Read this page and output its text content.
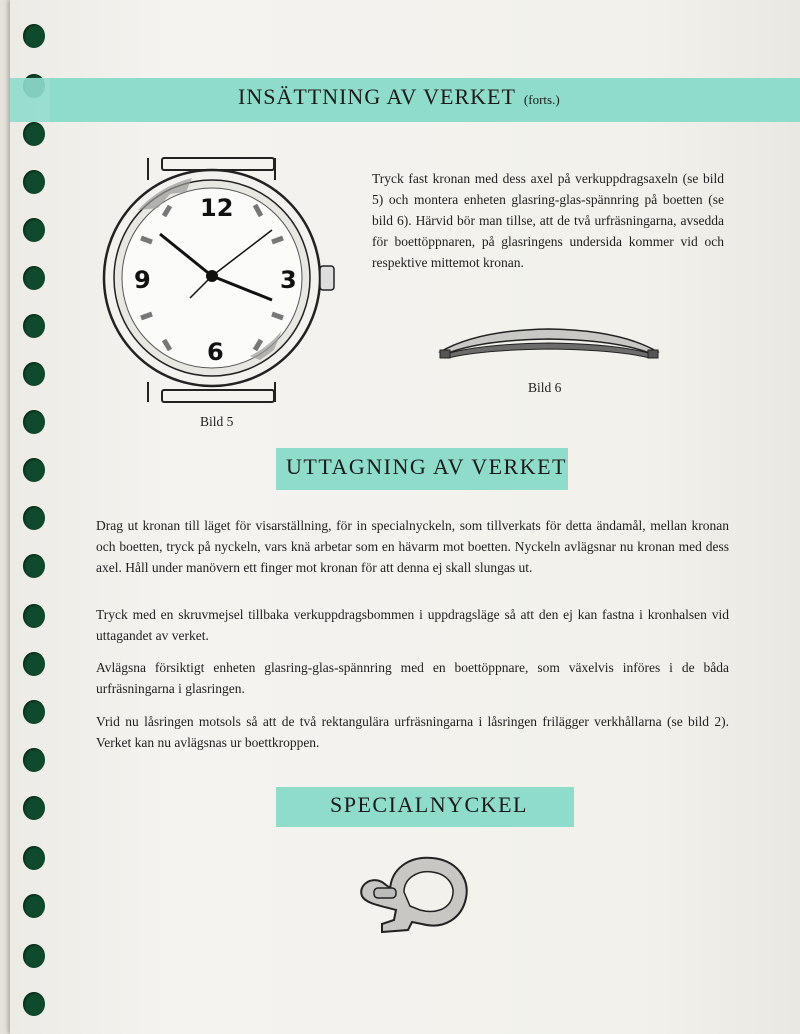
INSÄTTNING AV VERKET (forts.)
12
3
6
9
Bild 5

Tryck fast kronan med dess axel på verkuppdragsaxeln (se bild 5) och montera enheten glasring-glas-spännring på boetten (se bild 6). Härvid bör man tillse, att de två urfräsningarna, avsedda för boettöppnaren, på glasringens undersida kommer vid och respektive mittemot kronan.

Bild 6
UTTAGNING AV VERKET

Drag ut kronan till läget för visarställning, för in specialnyckeln, som tillverkats för detta ändamål, mellan kronan och boetten, tryck på nyckeln, vars knä arbetar som en hävarm mot boetten. Nyckeln avlägsnar nu kronan med dess axel. Håll under manövern ett finger mot kronan för att denna ej skall slungas ut.

Tryck med en skruvmejsel tillbaka verkuppdragsbommen i uppdragsläge så att den ej kan fastna i kronhalsen vid uttagandet av verket.

Avlägsna försiktigt enheten glasring-glas-spännring med en boettöppnare, som växelvis införes i de båda urfräsningarna i glasringen.

Vrid nu låsringen motsols så att de två rektangulära urfräsningarna i låsringen frilägger verkhållarna (se bild 2). Verket kan nu avlägsnas ur boettkroppen.

SPECIALNYCKEL
